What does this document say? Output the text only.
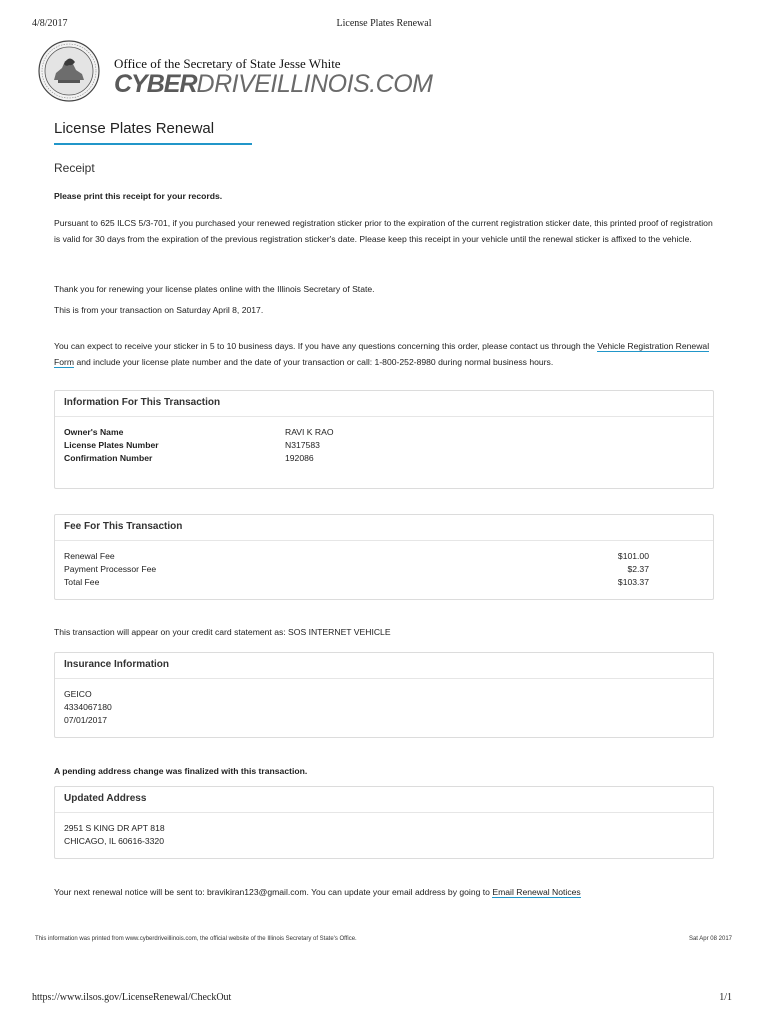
4/8/2017	License Plates Renewal
Office of the Secretary of State Jesse White
CYBERDRIVEILLINOIS.COM
License Plates Renewal
Receipt
Please print this receipt for your records.
Pursuant to 625 ILCS 5/3-701, if you purchased your renewed registration sticker prior to the expiration of the current registration sticker date, this printed proof of registration is valid for 30 days from the expiration of the previous registration sticker's date. Please keep this receipt in your vehicle until the renewal sticker is affixed to the vehicle.
Thank you for renewing your license plates online with the Illinois Secretary of State.
This is from your transaction on Saturday April 8, 2017.
You can expect to receive your sticker in 5 to 10 business days. If you have any questions concerning this order, please contact us through the Vehicle Registration Renewal Form and include your license plate number and the date of your transaction or call: 1-800-252-8980 during normal business hours.
Information For This Transaction
Owner's Name	RAVI K RAO
License Plates Number	N317583
Confirmation Number	192086
Fee For This Transaction
Renewal Fee	$101.00
Payment Processor Fee	$2.37
Total Fee	$103.37
This transaction will appear on your credit card statement as: SOS INTERNET VEHICLE
Insurance Information
GEICO
4334067180
07/01/2017
A pending address change was finalized with this transaction.
Updated Address
2951 S KING DR APT 818
CHICAGO, IL 60616-3320
Your next renewal notice will be sent to: bravikiran123@gmail.com. You can update your email address by going to Email Renewal Notices
This information was printed from www.cyberdriveillinois.com, the official website of the Illinois Secretary of State's Office.	Sat Apr 08 2017
https://www.ilsos.gov/LicenseRenewal/CheckOut	1/1
